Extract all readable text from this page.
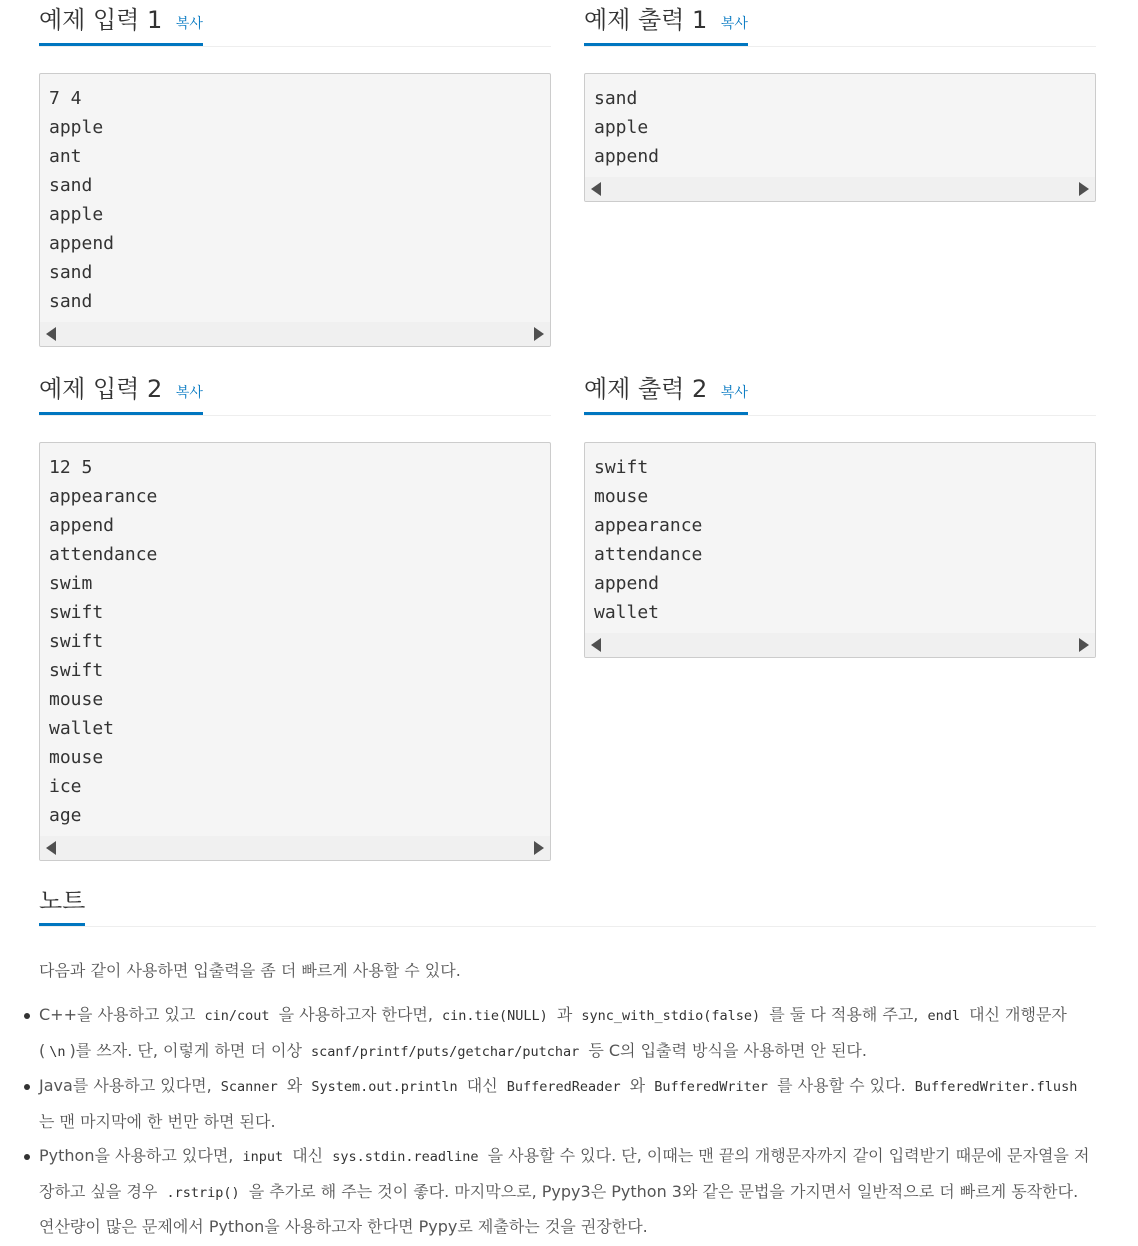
예제 입력 1 복사
7 4
apple
ant
sand
apple
append
sand
sand
예제 출력 1 복사
sand
apple
append
예제 입력 2 복사
12 5
appearance
append
attendance
swim
swift
swift
swift
mouse
wallet
mouse
ice
age
예제 출력 2 복사
swift
mouse
appearance
attendance
append
wallet
노트

다음과 같이 사용하면 입출력을 좀 더 빠르게 사용할 수 있다.

C++을 사용하고 있고 cin/cout 을 사용하고자 한다면, cin.tie(NULL) 과 sync_with_stdio(false) 를 둘 다 적용해 주고, endl 대신 개행문자( \n )를 쓰자. 단, 이렇게 하면 더 이상 scanf/printf/puts/getchar/putchar 등 C의 입출력 방식을 사용하면 안 된다.
Java를 사용하고 있다면, Scanner 와 System.out.println 대신 BufferedReader 와 BufferedWriter 를 사용할 수 있다. BufferedWriter.flush 는 맨 마지막에 한 번만 하면 된다.
Python을 사용하고 있다면, input 대신 sys.stdin.readline 을 사용할 수 있다. 단, 이때는 맨 끝의 개행문자까지 같이 입력받기 때문에 문자열을 저장하고 싶을 경우 .rstrip() 을 추가로 해 주는 것이 좋다. 마지막으로, Pypy3은 Python 3와 같은 문법을 가지면서 일반적으로 더 빠르게 동작한다. 연산량이 많은 문제에서 Python을 사용하고자 한다면 Pypy로 제출하는 것을 권장한다.
